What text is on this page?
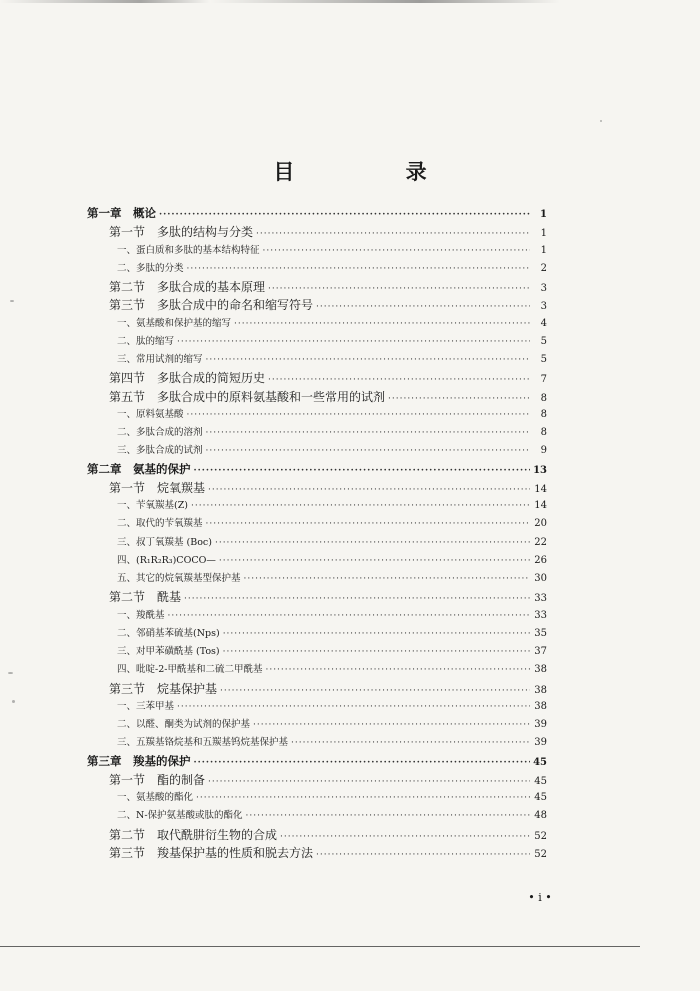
目 录
第一章　概论 ·····	1
第一节　多肽的结构与分类 ·····	1
一、蛋白质和多肽的基本结构特征 ·····	1
二、多肽的分类 ·····	2
第二节　多肽合成的基本原理 ·····	3
第三节　多肽合成中的命名和缩写符号 ·····	3
一、氨基酸和保护基的缩写 ·····	4
二、肽的缩写 ·····	5
三、常用试剂的缩写 ·····	5
第四节　多肽合成的简短历史 ·····	7
第五节　多肽合成中的原料氨基酸和一些常用的试剂 ·····	8
一、原料氨基酸 ·····	8
二、多肽合成的溶剂 ·····	8
三、多肽合成的试剂 ·····	9
第二章　氨基的保护 ·····	13
第一节　烷氧羰基 ·····	14
一、苄氧羰基(Z) ·····	14
二、取代的苄氧羰基 ·····	20
三、叔丁氧羰基 (Boc) ·····	22
四、(R₁R₂R₃)COCO— ·····	26
五、其它的烷氧羰基型保护基 ·····	30
第二节　酰基 ·····	33
一、羧酰基 ·····	33
二、邻硝基苯硫基(Nps) ·····	35
三、对甲苯磺酰基 (Tos) ·····	37
四、吡啶-2-甲酰基和二硫二甲酰基 ·····	38
第三节　烷基保护基 ·····	38
一、三苯甲基 ·····	38
二、以醛、酮类为试剂的保护基 ·····	39
三、五羰基铬烷基和五羰基钨烷基保护基 ·····	39
第三章　羧基的保护 ·····	45
第一节　酯的制备 ·····	45
一、氨基酸的酯化 ·····	45
二、N-保护氨基酸或肽的酯化 ·····	48
第二节　取代酰肼衍生物的合成 ·····	52
第三节　羧基保护基的性质和脱去方法 ·····	52
• i •
